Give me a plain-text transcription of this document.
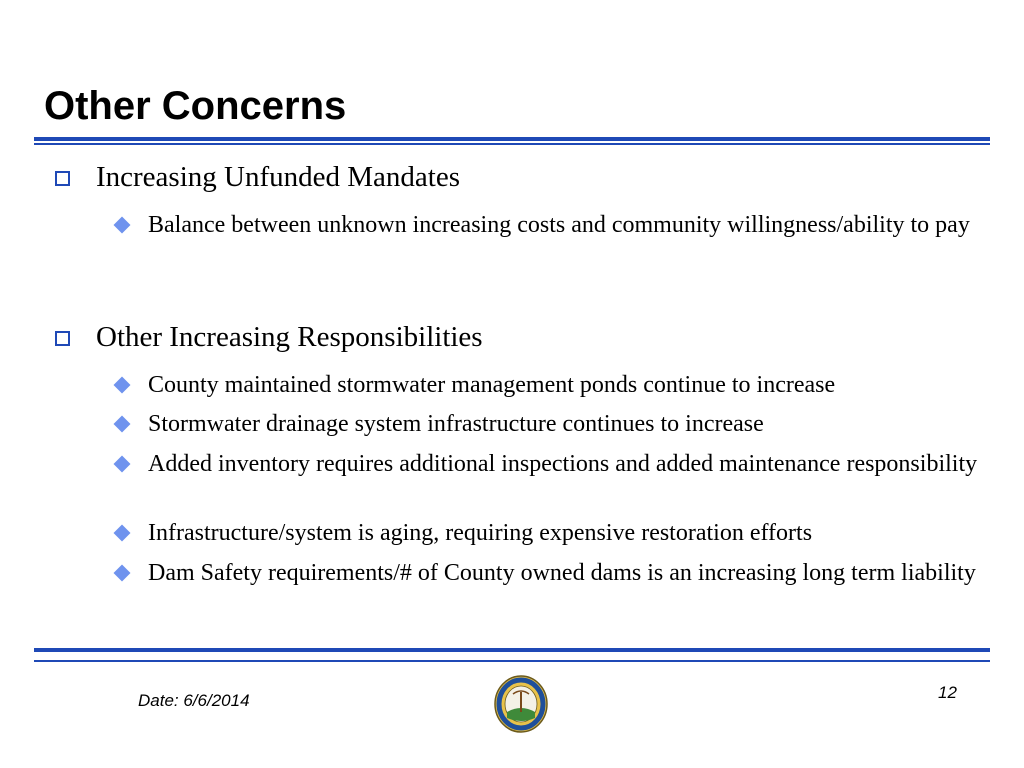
Other Concerns
Increasing Unfunded Mandates
Balance between unknown increasing costs and community willingness/ability to pay
Other Increasing Responsibilities
County maintained stormwater management ponds continue to increase
Stormwater drainage system infrastructure continues to increase
Added inventory requires additional inspections and added maintenance responsibility
Infrastructure/system is aging, requiring expensive restoration efforts
Dam Safety requirements/# of County owned dams is an increasing long term liability
Date: 6/6/2014	12
